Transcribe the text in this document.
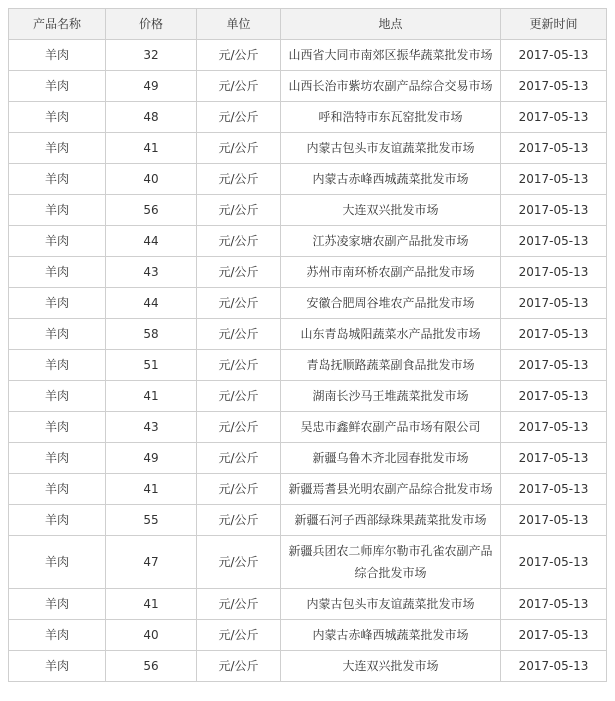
产品名称	价格	单位	地点	更新时间
羊肉	32	元/公斤	山西省大同市南郊区振华蔬菜批发市场	2017-05-13
羊肉	49	元/公斤	山西长治市紫坊农副产品综合交易市场	2017-05-13
羊肉	48	元/公斤	呼和浩特市东瓦窑批发市场	2017-05-13
羊肉	41	元/公斤	内蒙古包头市友谊蔬菜批发市场	2017-05-13
羊肉	40	元/公斤	内蒙古赤峰西城蔬菜批发市场	2017-05-13
羊肉	56	元/公斤	大连双兴批发市场	2017-05-13
羊肉	44	元/公斤	江苏凌家塘农副产品批发市场	2017-05-13
羊肉	43	元/公斤	苏州市南环桥农副产品批发市场	2017-05-13
羊肉	44	元/公斤	安徽合肥周谷堆农产品批发市场	2017-05-13
羊肉	58	元/公斤	山东青岛城阳蔬菜水产品批发市场	2017-05-13
羊肉	51	元/公斤	青岛抚顺路蔬菜副食品批发市场	2017-05-13
羊肉	41	元/公斤	湖南长沙马王堆蔬菜批发市场	2017-05-13
羊肉	43	元/公斤	吴忠市鑫鲜农副产品市场有限公司	2017-05-13
羊肉	49	元/公斤	新疆乌鲁木齐北园春批发市场	2017-05-13
羊肉	41	元/公斤	新疆焉耆县光明农副产品综合批发市场	2017-05-13
羊肉	55	元/公斤	新疆石河子西部绿珠果蔬菜批发市场	2017-05-13
羊肉	47	元/公斤	新疆兵团农二师库尔勒市孔雀农副产品综合批发市场	2017-05-13
羊肉	41	元/公斤	内蒙古包头市友谊蔬菜批发市场	2017-05-13
羊肉	40	元/公斤	内蒙古赤峰西城蔬菜批发市场	2017-05-13
羊肉	56	元/公斤	大连双兴批发市场	2017-05-13
